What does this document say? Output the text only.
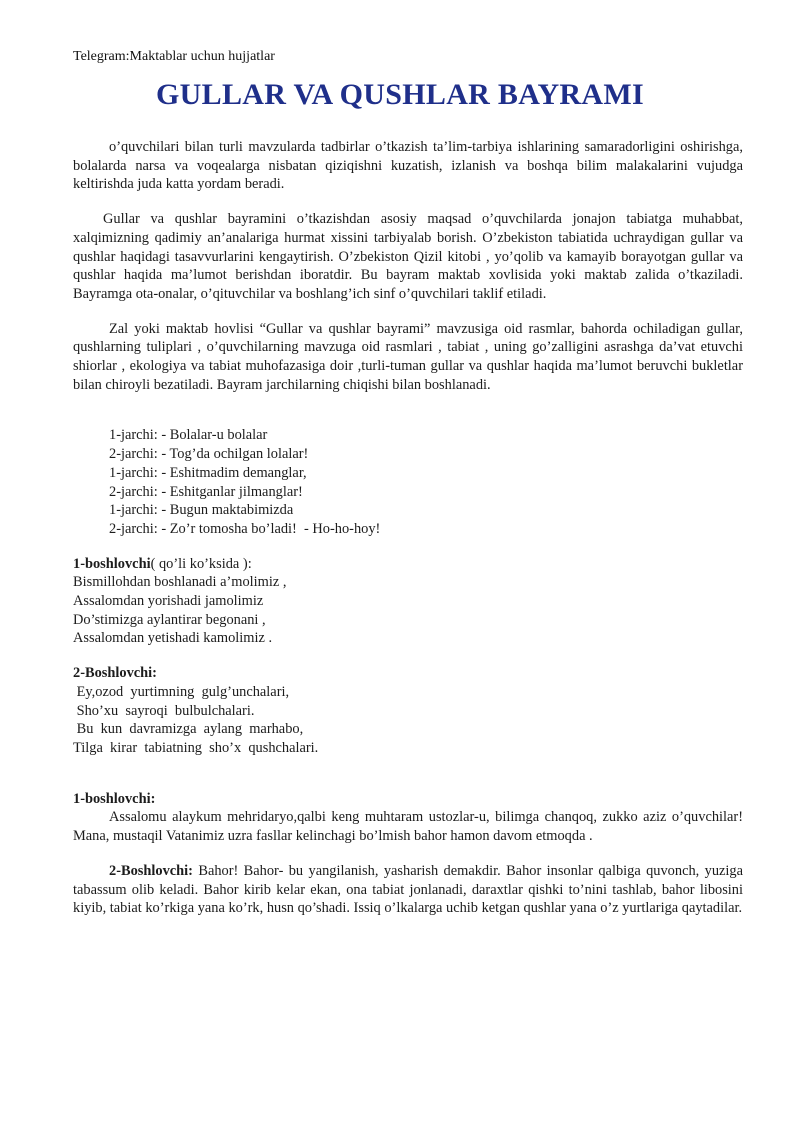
Telegram:Maktablar uchun hujjatlar
GULLAR VA QUSHLAR BAYRAMI

o’quvchilari bilan turli mavzularda tadbirlar o’tkazish ta’lim-tarbiya ishlarining samaradorligini oshirishga, bolalarda narsa va voqealarga nisbatan qiziqishni kuzatish, izlanish va boshqa bilim malakalarini vujudga keltirishda juda katta yordam beradi.

Gullar va qushlar bayramini o’tkazishdan asosiy maqsad o’quvchilarda jonajon tabiatga muhabbat, xalqimizning qadimiy an’analariga hurmat xissini tarbiyalab borish. O’zbekiston tabiatida uchraydigan gullar va qushlar haqidagi tasavvurlarini kengaytirish. O’zbekiston Qizil kitobi , yo’qolib va kamayib borayotgan gullar va qushlar haqida ma’lumot berishdan iboratdir. Bu bayram maktab xovlisida yoki maktab zalida o’tkaziladi. Bayramga ota-onalar, o’qituvchilar va boshlang’ich sinf o’quvchilari taklif etiladi.

Zal yoki maktab hovlisi “Gullar va qushlar bayrami” mavzusiga oid rasmlar, bahorda ochiladigan gullar, qushlarning tuliplari , o’quvchilarning mavzuga oid rasmlari , tabiat , uning go’zalligini asrashga da’vat etuvchi shiorlar , ekologiya va tabiat muhofazasiga doir ,turli-tuman gullar va qushlar haqida ma’lumot beruvchi bukletlar bilan chiroyli bezatiladi. Bayram jarchilarning chiqishi bilan boshlanadi.

1-jarchi: - Bolalar-u bolalar
2-jarchi: - Tog’da ochilgan lolalar!
1-jarchi: - Eshitmadim demanglar,
2-jarchi: - Eshitganlar jilmanglar!
1-jarchi: - Bugun maktabimizda
2-jarchi: - Zo’r tomosha bo’ladi!  - Ho-ho-hoy!
1-boshlovchi( qo’li ko’ksida ):
Bismillohdan boshlanadi a’molimiz ,
Assalomdan yorishadi jamolimiz
Do’stimizga aylantirar begonani ,
Assalomdan yetishadi kamolimiz .
2-Boshlovchi:
Ey,ozod  yurtimning  gulg’unchalari,
Sho’xu  sayroqi  bulbulchalari.
Bu  kun  davramizga  aylang  marhabo,
Tilga  kirar  tabiatning  sho’x  qushchalari.
1-boshlovchi:

Assalomu alaykum mehridaryo,qalbi keng muhtaram ustozlar-u, bilimga chanqoq, zukko aziz o’quvchilar! Mana, mustaqil Vatanimiz uzra fasllar kelinchagi bo’lmish bahor hamon davom etmoqda .

2-Boshlovchi: Bahor! Bahor- bu yangilanish, yasharish demakdir. Bahor insonlar qalbiga quvonch, yuziga tabassum olib keladi. Bahor kirib kelar ekan, ona tabiat jonlanadi, daraxtlar qishki to’nini tashlab, bahor libosini kiyib, tabiat ko’rkiga yana ko’rk, husn qo’shadi. Issiq o’lkalarga uchib ketgan qushlar yana o’z yurtlariga qaytadilar.
